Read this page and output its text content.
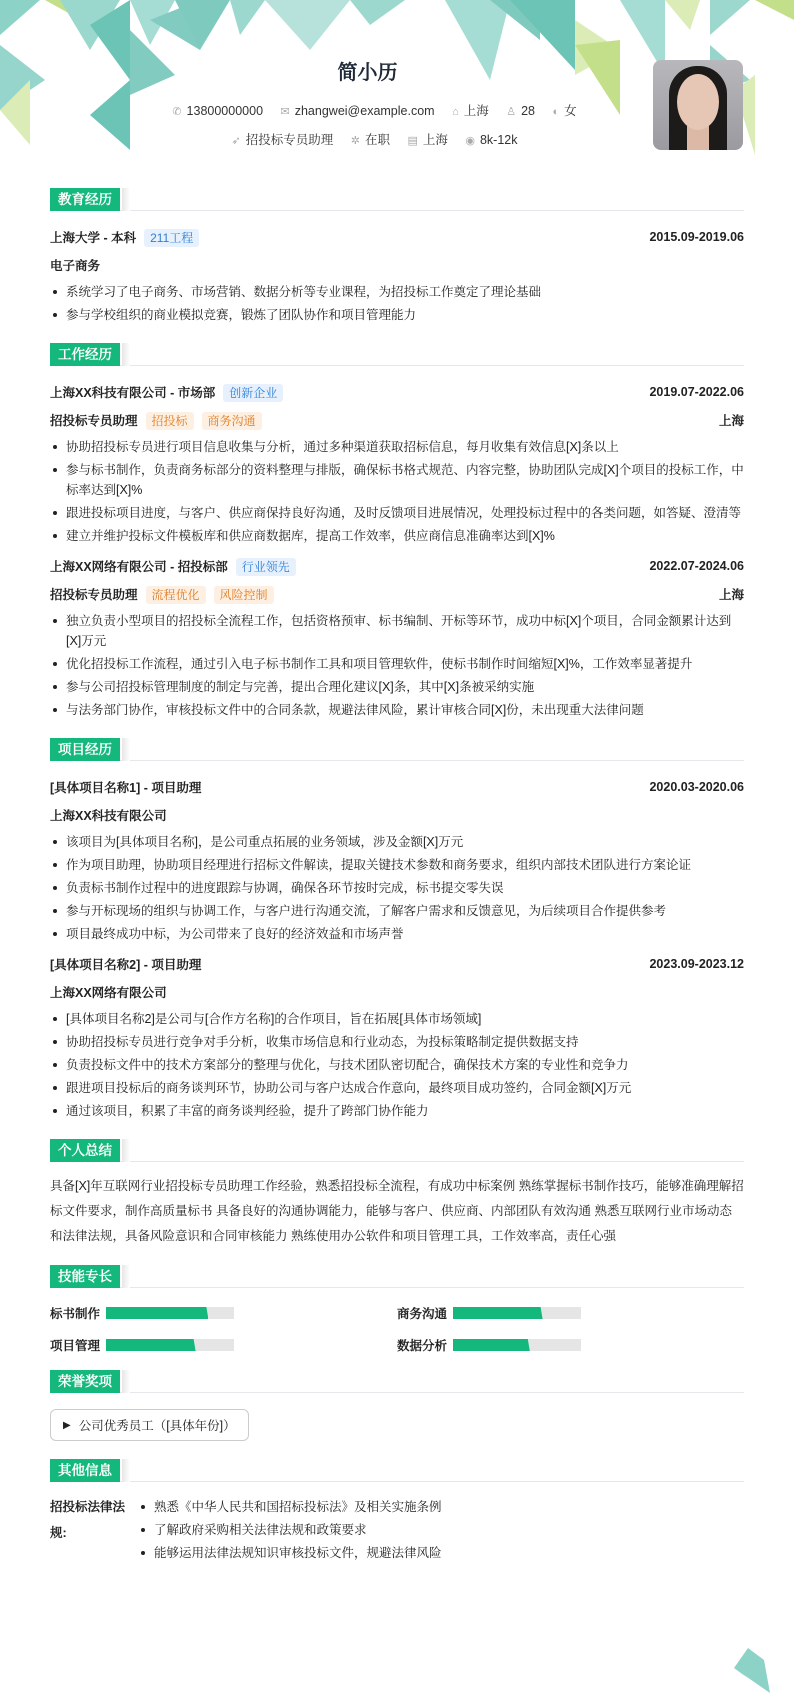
简小历
✆ 13800000000 ✉ zhangwei@example.com ⌂ 上海 ♙ 28 ◐ 女
➶ 招投标专员助理 ✲ 在职 ▤ 上海 ◉ 8k-12k
教育经历
上海大学 - 本科 211工程	2015.09-2019.06
电子商务
系统学习了电子商务、市场营销、数据分析等专业课程，为招投标工作奠定了理论基础
参与学校组织的商业模拟竞赛，锻炼了团队协作和项目管理能力
工作经历
上海XX科技有限公司 - 市场部 创新企业	2019.07-2022.06
招投标专员助理 招投标 商务沟通	上海
协助招投标专员进行项目信息收集与分析，通过多种渠道获取招标信息，每月收集有效信息[X]条以上
参与标书制作，负责商务标部分的资料整理与排版，确保标书格式规范、内容完整，协助团队完成[X]个项目的投标工作，中标率达到[X]%
跟进投标项目进度，与客户、供应商保持良好沟通，及时反馈项目进展情况，处理投标过程中的各类问题，如答疑、澄清等
建立并维护投标文件模板库和供应商数据库，提高工作效率，供应商信息准确率达到[X]%
上海XX网络有限公司 - 招投标部 行业领先	2022.07-2024.06
招投标专员助理 流程优化 风险控制	上海
独立负责小型项目的招投标全流程工作，包括资格预审、标书编制、开标等环节，成功中标[X]个项目，合同金额累计达到[X]万元
优化招投标工作流程，通过引入电子标书制作工具和项目管理软件，使标书制作时间缩短[X]%，工作效率显著提升
参与公司招投标管理制度的制定与完善，提出合理化建议[X]条，其中[X]条被采纳实施
与法务部门协作，审核投标文件中的合同条款，规避法律风险，累计审核合同[X]份，未出现重大法律问题
项目经历
[具体项目名称1] - 项目助理	2020.03-2020.06
上海XX科技有限公司
该项目为[具体项目名称]，是公司重点拓展的业务领域，涉及金额[X]万元
作为项目助理，协助项目经理进行招标文件解读，提取关键技术参数和商务要求，组织内部技术团队进行方案论证
负责标书制作过程中的进度跟踪与协调，确保各环节按时完成，标书提交零失误
参与开标现场的组织与协调工作，与客户进行沟通交流，了解客户需求和反馈意见，为后续项目合作提供参考
项目最终成功中标，为公司带来了良好的经济效益和市场声誉
[具体项目名称2] - 项目助理	2023.09-2023.12
上海XX网络有限公司
[具体项目名称2]是公司与[合作方名称]的合作项目，旨在拓展[具体市场领域]
协助招投标专员进行竞争对手分析，收集市场信息和行业动态，为投标策略制定提供数据支持
负责投标文件中的技术方案部分的整理与优化，与技术团队密切配合，确保技术方案的专业性和竞争力
跟进项目投标后的商务谈判环节，协助公司与客户达成合作意向，最终项目成功签约，合同金额[X]万元
通过该项目，积累了丰富的商务谈判经验，提升了跨部门协作能力
个人总结
具备[X]年互联网行业招投标专员助理工作经验，熟悉招投标全流程，有成功中标案例 熟练掌握标书制作技巧，能够准确理解招标文件要求，制作高质量标书 具备良好的沟通协调能力，能够与客户、供应商、内部团队有效沟通 熟悉互联网行业市场动态和法律法规，具备风险意识和合同审核能力 熟练使用办公软件和项目管理工具，工作效率高，责任心强
技能专长
标书制作	商务沟通
项目管理	数据分析
荣誉奖项
▶ 公司优秀员工（[具体年份]）
其他信息
招投标法律法规:
熟悉《中华人民共和国招标投标法》及相关实施条例
了解政府采购相关法律法规和政策要求
能够运用法律法规知识审核投标文件，规避法律风险
